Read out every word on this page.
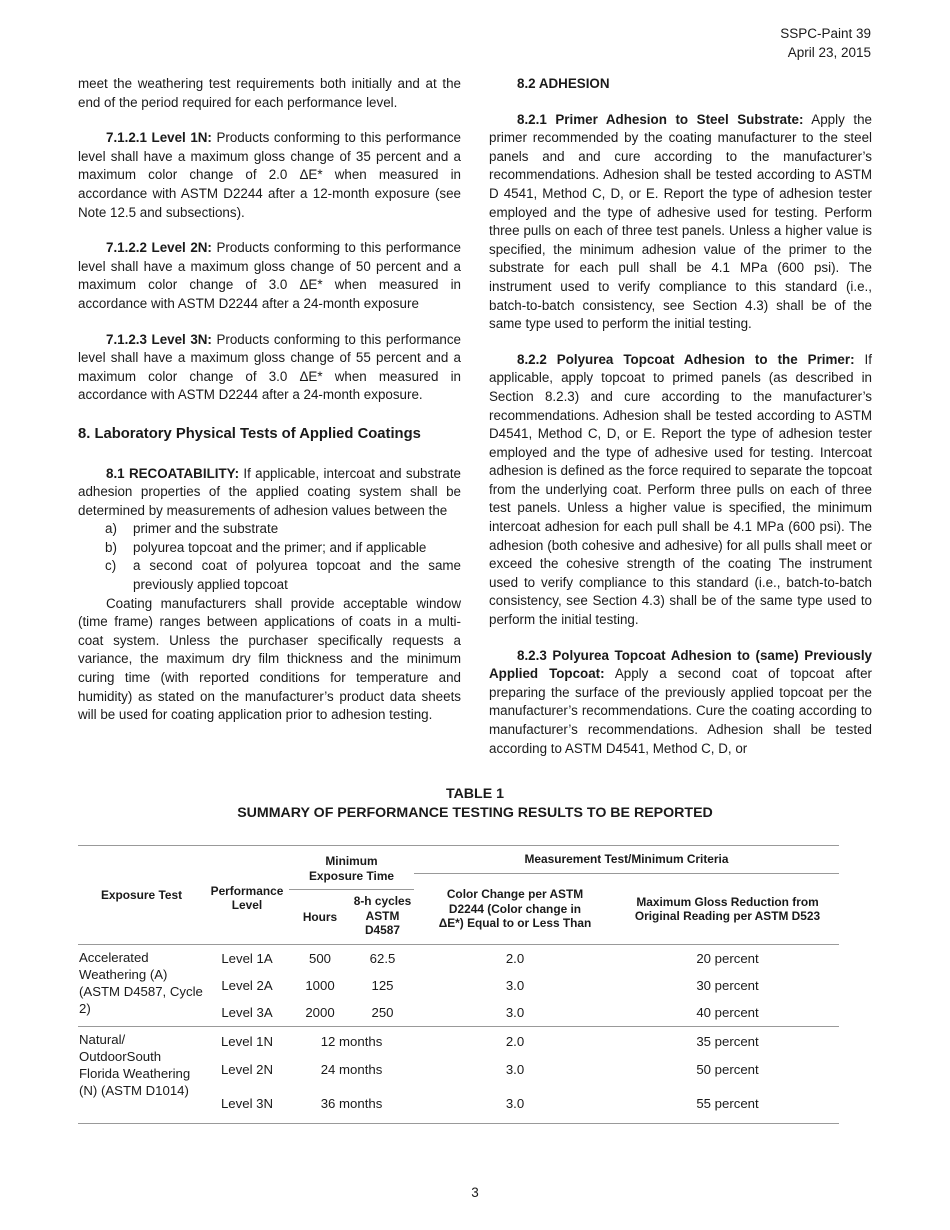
SSPC-Paint 39
April 23, 2015

meet the weathering test requirements both initially and at the end of the period required for each performance level.

7.1.2.1 Level 1N: Products conforming to this performance level shall have a maximum gloss change of 35 percent and a maximum color change of 2.0 ΔE* when measured in accordance with ASTM D2244 after a 12-month exposure (see Note 12.5 and subsections).

7.1.2.2 Level 2N: Products conforming to this performance level shall have a maximum gloss change of 50 percent and a maximum color change of 3.0 ΔE* when measured in accordance with ASTM D2244 after a 24-month exposure

7.1.2.3 Level 3N: Products conforming to this performance level shall have a maximum gloss change of 55 percent and a maximum color change of 3.0 ΔE* when measured in accordance with ASTM D2244 after a 24-month exposure.

8. Laboratory Physical Tests of Applied Coatings

8.1 RECOATABILITY: If applicable, intercoat and substrate adhesion properties of the applied coating system shall be determined by measurements of adhesion values between the

a) primer and the substrate
b) polyurea topcoat and the primer; and if applicable
c) a second coat of polyurea topcoat and the same previously applied topcoat

Coating manufacturers shall provide acceptable window (time frame) ranges between applications of coats in a multi-coat system. Unless the purchaser specifically requests a variance, the maximum dry film thickness and the minimum curing time (with reported conditions for temperature and humidity) as stated on the manufacturer’s product data sheets will be used for coating application prior to adhesion testing.

8.2 ADHESION

8.2.1 Primer Adhesion to Steel Substrate: Apply the primer recommended by the coating manufacturer to the steel panels and and cure according to the manufacturer’s recommendations. Adhesion shall be tested according to ASTM D 4541, Method C, D, or E. Report the type of adhesion tester employed and the type of adhesive used for testing. Perform three pulls on each of three test panels. Unless a higher value is specified, the minimum adhesion value of the primer to the substrate for each pull shall be 4.1 MPa (600 psi). The instrument used to verify compliance to this standard (i.e., batch-to-batch consistency, see Section 4.3) shall be of the same type used to perform the initial testing.

8.2.2 Polyurea Topcoat Adhesion to the Primer: If applicable, apply topcoat to primed panels (as described in Section 8.2.3) and cure according to the manufacturer’s recommendations. Adhesion shall be tested according to ASTM D4541, Method C, D, or E. Report the type of adhesion tester employed and the type of adhesive used for testing. Intercoat adhesion is defined as the force required to separate the topcoat from the underlying coat. Perform three pulls on each of three test panels. Unless a higher value is specified, the minimum intercoat adhesion for each pull shall be 4.1 MPa (600 psi). The adhesion (both cohesive and adhesive) for all pulls shall meet or exceed the cohesive strength of the coating The instrument used to verify compliance to this standard (i.e., batch-to-batch consistency, see Section 4.3) shall be of the same type used to perform the initial testing.

8.2.3 Polyurea Topcoat Adhesion to (same) Previously Applied Topcoat: Apply a second coat of topcoat after preparing the surface of the previously applied topcoat per the manufacturer’s recommendations. Cure the coating according to manufacturer’s recommendations. Adhesion shall be tested according to ASTM D4541, Method C, D, or

TABLE 1
SUMMARY OF PERFORMANCE TESTING RESULTS TO BE REPORTED
Exposure Test	Performance Level	Minimum Exposure Time		Measurement Test/Minimum Criteria	
				Color Change per ASTM D2244 (Color change in ΔE*) Equal to or Less Than	Maximum Gloss Reduction from Original Reading per ASTM D523
		Hours	8-h cycles ASTM D4587		
Accelerated Weathering (A) (ASTM D4587, Cycle 2)	Level 1A	500	62.5	2.0	20 percent
	Level 2A	1000	125	3.0	30 percent
	Level 3A	2000	250	3.0	40 percent
Natural/ OutdoorSouth Florida Weathering (N) (ASTM D1014)	Level 1N	12 months		2.0	35 percent
	Level 2N	24 months		3.0	50 percent
	Level 3N	36 months		3.0	55 percent
3
